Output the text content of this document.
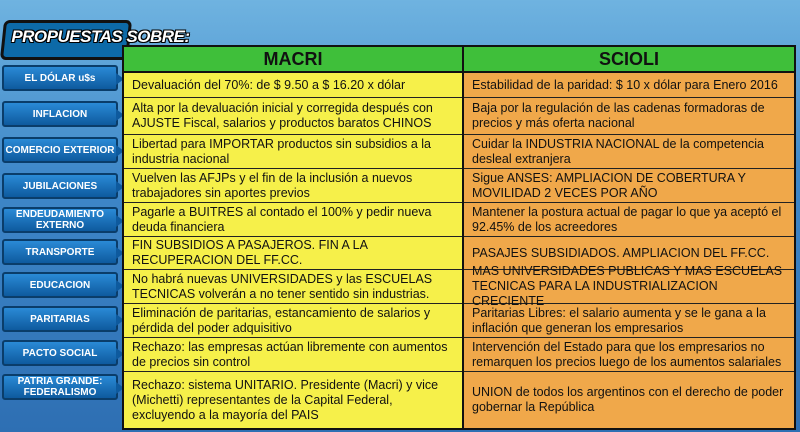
PROPUESTAS SOBRE:
EL DÓLAR u$s
INFLACION
COMERCIO EXTERIOR
JUBILACIONES
ENDEUDAMIENTO EXTERNO
TRANSPORTE
EDUCACION
PARITARIAS
PACTO SOCIAL
PATRIA GRANDE: FEDERALISMO
MACRI	SCIOLI
Devaluación del 70%: de $ 9.50 a $ 16.20 x dólar
Alta por la devaluación inicial y corregida después con AJUSTE Fiscal, salarios y productos baratos CHINOS
Libertad para IMPORTAR productos sin subsidios a la industria nacional
Vuelven las AFJPs y el fin de la inclusión a nuevos trabajadores sin aportes previos
Pagarle a BUITRES al contado el 100% y pedir nueva deuda financiera
FIN SUBSIDIOS A PASAJEROS. FIN A LA RECUPERACION DEL FF.CC.
No habrá nuevas UNIVERSIDADES y las ESCUELAS TECNICAS volverán a no tener sentido sin industrias.
Eliminación de paritarias, estancamiento de salarios y pérdida del poder adquisitivo
Rechazo: las empresas actúan libremente con aumentos de precios sin control
Rechazo: sistema UNITARIO. Presidente (Macri) y vice (Michetti) representantes de la Capital Federal, excluyendo a la mayoría del PAIS
Estabilidad de la paridad: $ 10 x dólar para Enero 2016
Baja por la regulación de las cadenas formadoras de precios y más oferta nacional
Cuidar la INDUSTRIA NACIONAL de la competencia desleal extranjera
Sigue ANSES: AMPLIACION DE COBERTURA Y MOVILIDAD 2 VECES POR AÑO
Mantener la postura actual de pagar lo que ya aceptó el 92.45% de los acreedores
PASAJES SUBSIDIADOS. AMPLIACION DEL FF.CC.
MAS UNIVERSIDADES PUBLICAS Y MAS ESCUELAS TECNICAS PARA LA INDUSTRIALIZACION CRECIENTE
Paritarias Libres: el salario aumenta y se le gana a la inflación que generan los empresarios
Intervención del Estado para que los empresarios no remarquen los precios luego de los aumentos salariales
UNION de todos los argentinos con el derecho de poder gobernar la República
